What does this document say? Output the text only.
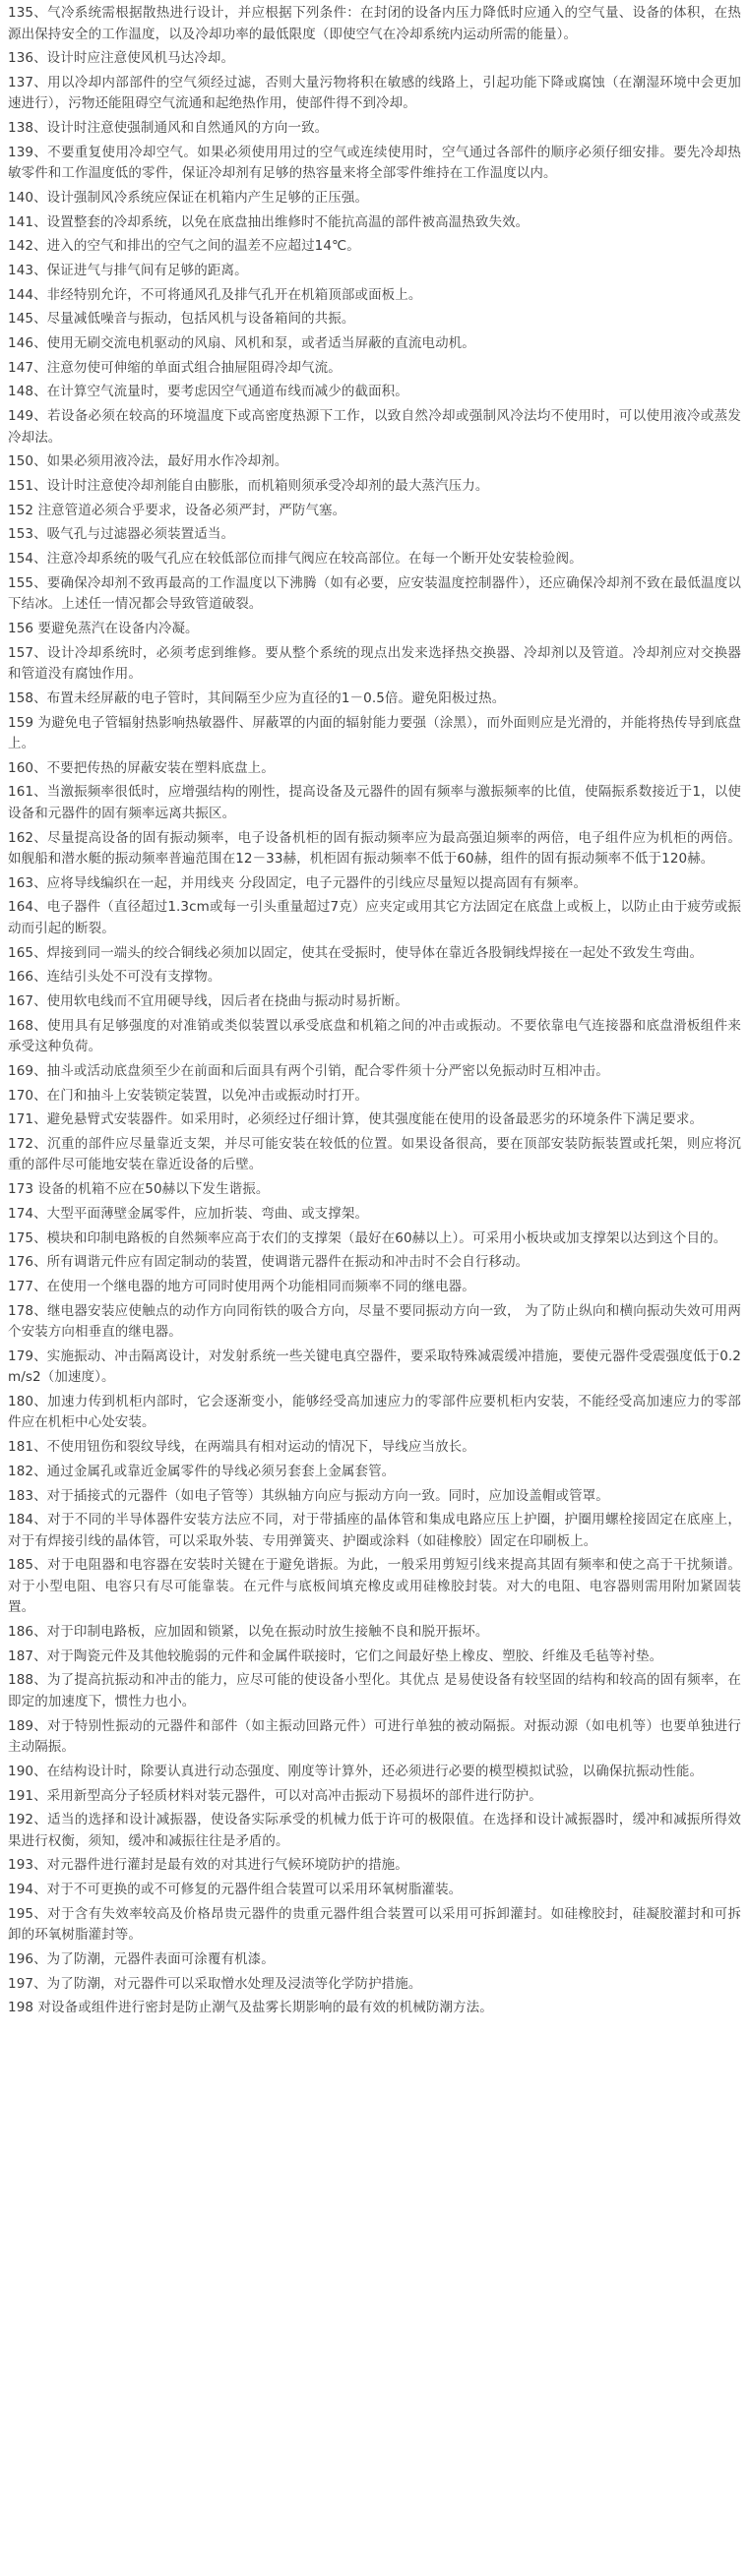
135、气冷系统需根据散热进行设计，并应根据下列条件：在封闭的设备内压力降低时应通入的空气量、设备的体积，在热源出保持安全的工作温度，以及冷却功率的最低限度（即使空气在冷却系统内运动所需的能量）。

136、设计时应注意使风机马达冷却。

137、用以冷却内部部件的空气须经过滤，否则大量污物将积在敏感的线路上，引起功能下降或腐蚀（在潮湿环境中会更加速进行），污物还能阻碍空气流通和起绝热作用，使部件得不到冷却。

138、设计时注意使强制通风和自然通风的方向一致。

139、不要重复使用冷却空气。如果必须使用用过的空气或连续使用时，空气通过各部件的顺序必须仔细安排。要先冷却热敏零件和工作温度低的零件，保证冷却剂有足够的热容量来将全部零件维持在工作温度以内。

140、设计强制风冷系统应保证在机箱内产生足够的正压强。

141、设置整套的冷却系统，以免在底盘抽出维修时不能抗高温的部件被高温热致失效。

142、进入的空气和排出的空气之间的温差不应超过14℃。

143、保证进气与排气间有足够的距离。

144、非经特别允许，不可将通风孔及排气孔开在机箱顶部或面板上。

145、尽量减低噪音与振动，包括风机与设备箱间的共振。

146、使用无刷交流电机驱动的风扇、风机和泵，或者适当屏蔽的直流电动机。

147、注意勿使可伸缩的单面式组合抽屉阻碍冷却气流。

148、在计算空气流量时，要考虑因空气通道布线而减少的截面积。

149、若设备必须在较高的环境温度下或高密度热源下工作，以致自然冷却或强制风冷法均不使用时，可以使用液冷或蒸发冷却法。

150、如果必须用液冷法，最好用水作冷却剂。

151、设计时注意使冷却剂能自由膨胀，而机箱则须承受冷却剂的最大蒸汽压力。

152 注意管道必须合乎要求，设备必须严封，严防气塞。

153、吸气孔与过滤器必须装置适当。

154、注意冷却系统的吸气孔应在较低部位而排气阀应在较高部位。在每一个断开处安装检验阀。

155、要确保冷却剂不致再最高的工作温度以下沸腾（如有必要，应安装温度控制器件），还应确保冷却剂不致在最低温度以下结冰。上述任一情况都会导致管道破裂。

156 要避免蒸汽在设备内冷凝。

157、设计冷却系统时，必须考虑到维修。要从整个系统的现点出发来选择热交换器、冷却剂以及管道。冷却剂应对交换器和管道没有腐蚀作用。

158、布置未经屏蔽的电子管时，其间隔至少应为直径的1－0.5倍。避免阳极过热。

159 为避免电子管辐射热影响热敏器件、屏蔽罩的内面的辐射能力要强（涂黑），而外面则应是光滑的，并能将热传导到底盘上。

160、不要把传热的屏蔽安装在塑料底盘上。

161、当激振频率很低时，应增强结构的刚性，提高设备及元器件的固有频率与激振频率的比值，使隔振系数接近于1，以使设备和元器件的固有频率远离共振区。

162、尽量提高设备的固有振动频率，电子设备机柜的固有振动频率应为最高强迫频率的两倍，电子组件应为机柜的两倍。如舰船和潜水艇的振动频率普遍范围在12－33赫，机柜固有振动频率不低于60赫，组件的固有振动频率不低于120赫。

163、应将导线编织在一起，并用线夹 分段固定，电子元器件的引线应尽量短以提高固有有频率。

164、电子器件（直径超过1.3cm或每一引头重量超过7克）应夹定或用其它方法固定在底盘上或板上，以防止由于疲劳或振动而引起的断裂。

165、焊接到同一端头的绞合铜线必须加以固定，使其在受振时，使导体在靠近各股铜线焊接在一起处不致发生弯曲。

166、连结引头处不可没有支撑物。

167、使用软电线而不宜用硬导线，因后者在挠曲与振动时易折断。

168、使用具有足够强度的对准销或类似装置以承受底盘和机箱之间的冲击或振动。不要依靠电气连接器和底盘滑板组件来承受这种负荷。

169、抽斗或活动底盘须至少在前面和后面具有两个引销，配合零件须十分严密以免振动时互相冲击。

170、在门和抽斗上安装锁定装置，以免冲击或振动时打开。

171、避免悬臂式安装器件。如采用时，必须经过仔细计算，使其强度能在使用的设备最恶劣的环境条件下满足要求。

172、沉重的部件应尽量靠近支架，并尽可能安装在较低的位置。如果设备很高，要在顶部安装防振装置或托架，则应将沉重的部件尽可能地安装在靠近设备的后壁。

173 设备的机箱不应在50赫以下发生谐振。

174、大型平面薄壁金属零件，应加折装、弯曲、或支撑架。

175、模块和印制电路板的自然频率应高于农们的支撑架（最好在60赫以上）。可采用小板块或加支撑架以达到这个目的。

176、所有调谐元件应有固定制动的装置，使调谐元器件在振动和冲击时不会自行移动。

177、在使用一个继电器的地方可同时使用两个功能相同而频率不同的继电器。

178、继电器安装应使触点的动作方向同衔铁的吸合方向，尽量不要同振动方向一致， 为了防止纵向和横向振动失效可用两个安装方向相垂直的继电器。

179、实施振动、冲击隔离设计，对发射系统一些关键电真空器件，要采取特殊减震缓冲措施，要使元器件受震强度低于0.2m/s2（加速度）。

180、加速力传到机柜内部时，它会逐渐变小，能够经受高加速应力的零部件应要机柜内安装，不能经受高加速应力的零部件应在机柜中心处安装。

181、不使用钮伤和裂纹导线，在两端具有相对运动的情况下，导线应当放长。

182、通过金属孔或靠近金属零件的导线必须另套套上金属套管。

183、对于插接式的元器件（如电子管等）其纵轴方向应与振动方向一致。同时，应加设盖帽或管罩。

184、对于不同的半导体器件安装方法应不同，对于带插座的晶体管和集成电路应压上护圈，护圈用螺栓接固定在底座上，对于有焊接引线的晶体管，可以采取外装、专用弹簧夹、护圈或涂料（如硅橡胶）固定在印刷板上。

185、对于电阻器和电容器在安装时关键在于避免谐振。为此，一般采用剪短引线来提高其固有频率和使之高于干扰频谱。对于小型电阻、电容只有尽可能靠装。在元件与底板间填充橡皮或用硅橡胶封装。对大的电阻、电容器则需用附加紧固装置。

186、对于印制电路板，应加固和锁紧，以免在振动时放生接触不良和脱开振坏。

187、对于陶瓷元件及其他较脆弱的元件和金属件联接时，它们之间最好垫上橡皮、塑胶、纤维及毛毡等衬垫。

188、为了提高抗振动和冲击的能力，应尽可能的使设备小型化。其优点 是易使设备有较坚固的结构和较高的固有频率，在即定的加速度下，惯性力也小。

189、对于特别性振动的元器件和部件（如主振动回路元件）可进行单独的被动隔振。对振动源（如电机等）也要单独进行主动隔振。

190、在结构设计时，除要认真进行动态强度、刚度等计算外，还必须进行必要的模型模拟试验，以确保抗振动性能。

191、采用新型高分子轻质材料对装元器件，可以对高冲击振动下易损坏的部件进行防护。

192、适当的选择和设计减振器，使设备实际承受的机械力低于许可的极限值。在选择和设计减振器时，缓冲和减振所得效果进行权衡，须知，缓冲和减振往往是矛盾的。

193、对元器件进行灌封是最有效的对其进行气候环境防护的措施。

194、对于不可更换的或不可修复的元器件组合装置可以采用环氧树脂灌装。

195、对于含有失效率较高及价格昂贵元器件的贵重元器件组合装置可以采用可拆卸灌封。如硅橡胶封，硅凝胶灌封和可拆卸的环氧树脂灌封等。

196、为了防潮，元器件表面可涂覆有机漆。

197、为了防潮，对元器件可以采取憎水处理及浸渍等化学防护措施。

198 对设备或组件进行密封是防止潮气及盐雾长期影响的最有效的机械防潮方法。
